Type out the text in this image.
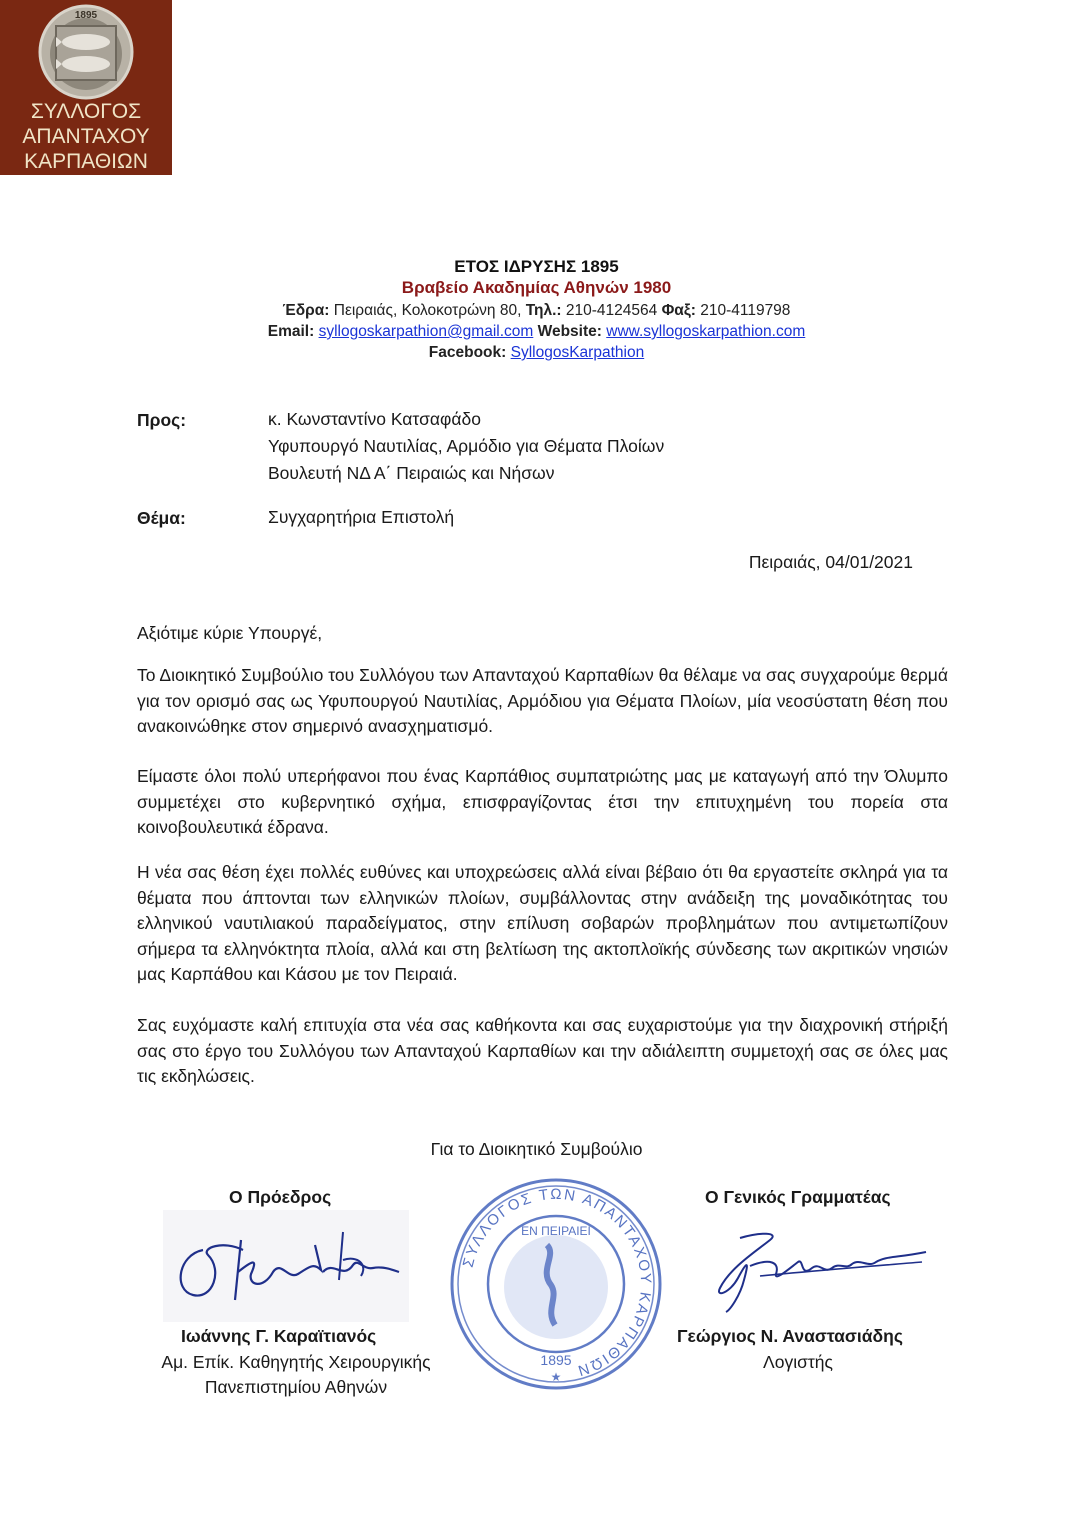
1895
ΣΥΛΛΟΓΟΣ
ΑΠΑΝΤΑΧΟΥ
ΚΑΡΠΑΘΙΩΝ
ΕΤΟΣ ΙΔΡΥΣΗΣ 1895
Βραβείο Ακαδημίας Αθηνών 1980
Έδρα: Πειραιάς, Κολοκοτρώνη 80, Τηλ.: 210-4124564 Φαξ: 210-4119798
Email: syllogoskarpathion@gmail.com Website: www.syllogoskarpathion.com
Facebook: SyllogosKarpathion
Προς:	κ. Κωνσταντίνο Κατσαφάδο
Υφυπουργό Ναυτιλίας, Αρμόδιο για Θέματα Πλοίων
Βουλευτή ΝΔ Α΄ Πειραιώς και Νήσων
Θέμα:	Συγχαρητήρια Επιστολή
Πειραιάς, 04/01/2021
Αξιότιμε κύριε Υπουργέ,
Το Διοικητικό Συμβούλιο του Συλλόγου των Απανταχού Καρπαθίων θα θέλαμε να σας συγχαρούμε θερμά για τον ορισμό σας ως Υφυπουργού Ναυτιλίας, Αρμόδιου για Θέματα Πλοίων, μία νεοσύστατη θέση που ανακοινώθηκε στον σημερινό ανασχηματισμό.
Είμαστε όλοι πολύ υπερήφανοι που ένας Καρπάθιος συμπατριώτης μας με καταγωγή από την Όλυμπο συμμετέχει στο κυβερνητικό σχήμα, επισφραγίζοντας έτσι την επιτυχημένη του πορεία στα κοινοβουλευτικά έδρανα.
Η νέα σας θέση έχει πολλές ευθύνες και υποχρεώσεις αλλά είναι βέβαιο ότι θα εργαστείτε σκληρά για τα θέματα που άπτονται των ελληνικών πλοίων, συμβάλλοντας στην ανάδειξη της μοναδικότητας του ελληνικού ναυτιλιακού παραδείγματος, στην επίλυση σοβαρών προβλημάτων που αντιμετωπίζουν σήμερα τα ελληνόκτητα πλοία, αλλά και στη βελτίωση της ακτοπλοϊκής σύνδεσης των ακριτικών νησιών μας Καρπάθου και Κάσου με τον Πειραιά.
Σας ευχόμαστε καλή επιτυχία στα νέα σας καθήκοντα και σας ευχαριστούμε για την διαχρονική στήριξή σας στο έργο του Συλλόγου των Απανταχού Καρπαθίων και την αδιάλειπτη συμμετοχή σας σε όλες μας τις εκδηλώσεις.
Για το Διοικητικό Συμβούλιο
Ο Πρόεδρος
Ιωάννης Γ. Καραϊτιανός
Αμ. Επίκ. Καθηγητής Χειρουργικής
Πανεπιστημίου Αθηνών
ΣΥΛΛΟΓΟΣ ΤΩΝ ΑΠΑΝΤΑΧΟΥ ΚΑΡΠΑΘΙΩΝ
ΕΝ ΠΕΙΡΑΙΕΙ
1895
★
Ο Γενικός Γραμματέας
Γεώργιος Ν. Αναστασιάδης
Λογιστής
